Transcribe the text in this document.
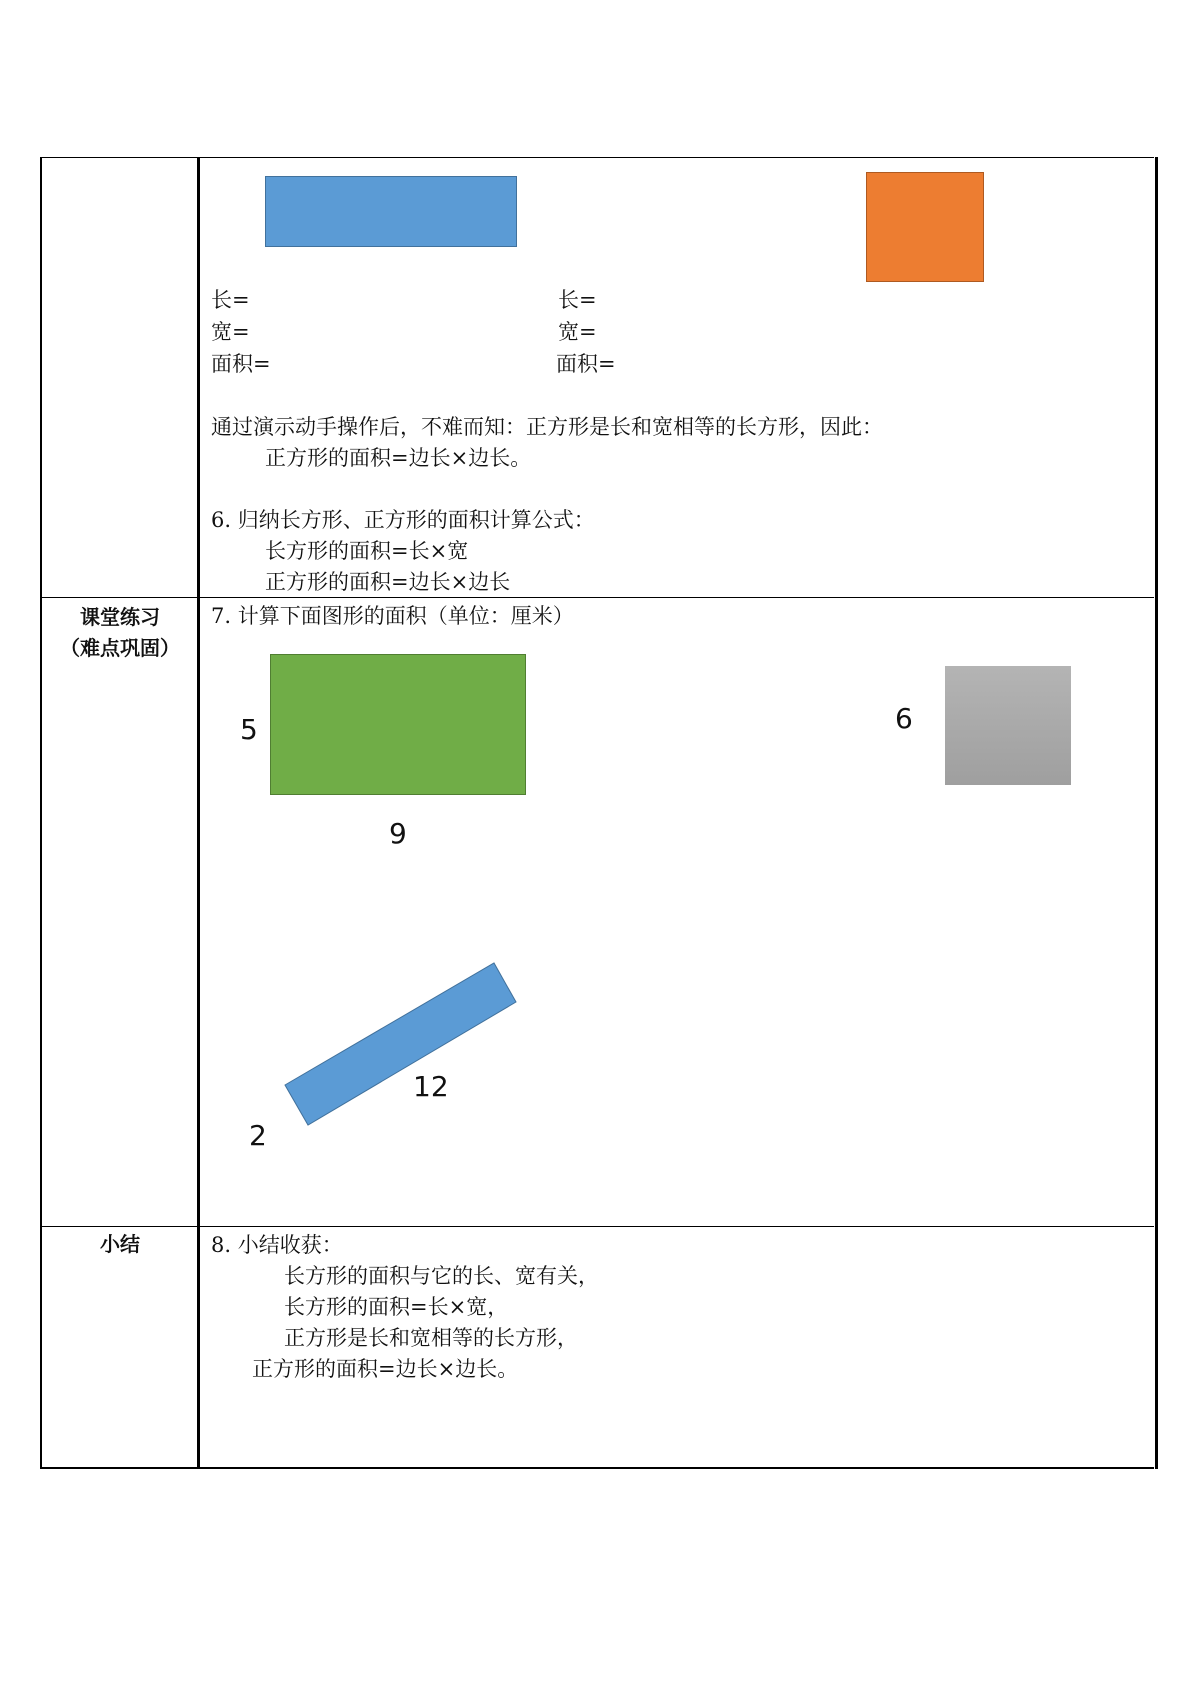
长=
宽=
面积=
长=
宽=
面积=
通过演示动手操作后，不难而知：正方形是长和宽相等的长方形，因此：
正方形的面积=边长×边长。
6. 归纳长方形、正方形的面积计算公式：
长方形的面积=长×宽
正方形的面积=边长×边长
课堂练习
（难点巩固）
7. 计算下面图形的面积（单位：厘米）
5
9
6
12
2
小结	8. 小结收获：
长方形的面积与它的长、宽有关，
长方形的面积=长×宽，
正方形是长和宽相等的长方形，
正方形的面积=边长×边长。
